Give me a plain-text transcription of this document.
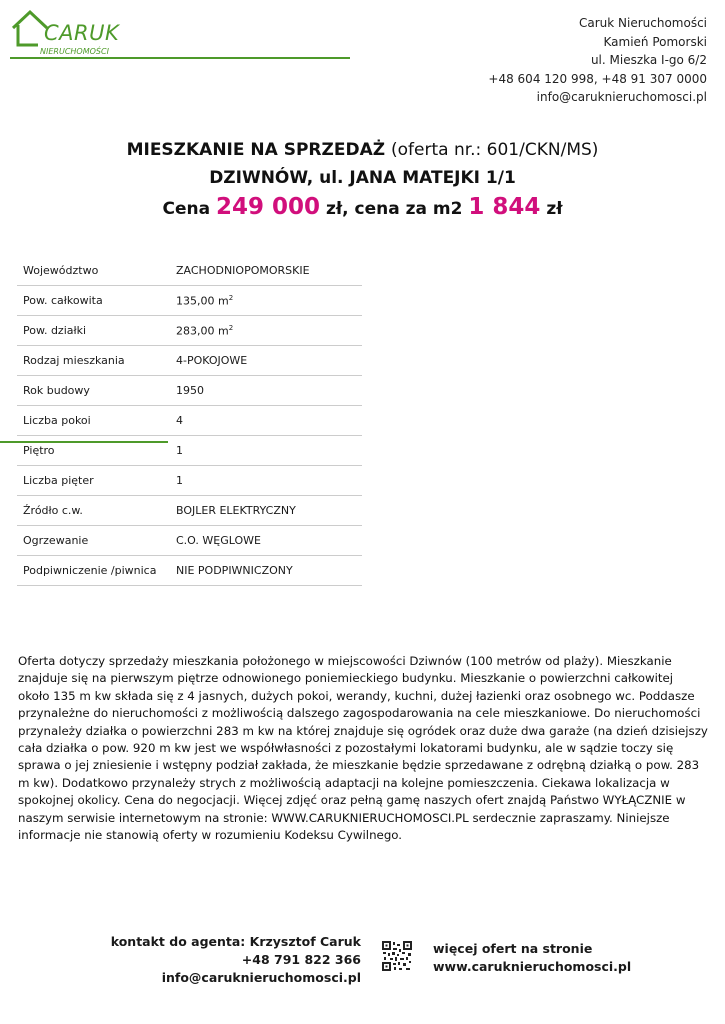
CARUK
NIERUCHOMOŚCI
Caruk Nieruchomości
Kamień Pomorski
ul. Mieszka I-go 6/2
+48 604 120 998, +48 91 307 0000
info@caruknieruchomosci.pl
MIESZKANIE NA SPRZEDAŻ (oferta nr.: 601/CKN/MS)
DZIWNÓW, ul. JANA MATEJKI 1/1
Cena 249 000 zł, cena za m2 1 844 zł
Województwo	ZACHODNIOPOMORSKIE
Pow. całkowita	135,00 $m^2$
Pow. działki	283,00 $m^2$
Rodzaj mieszkania	4-POKOJOWE
Rok budowy	1950
Liczba pokoi	4
Piętro	1
Liczba pięter	1
Źródło c.w.	BOJLER ELEKTRYCZNY
Ogrzewanie	C.O. WĘGLOWE
Podpiwniczenie /piwnica	NIE PODPIWNICZONY
Oferta dotyczy sprzedaży mieszkania położonego w miejscowości Dziwnów (100 metrów od plaży). Mieszkanie znajduje się na pierwszym piętrze odnowionego poniemieckiego budynku. Mieszkanie o powierzchni całkowitej około 135 m kw składa się z 4 jasnych, dużych pokoi, werandy, kuchni, dużej łazienki oraz osobnego wc. Poddasze przynależne do nieruchomości z możliwością dalszego zagospodarowania na cele mieszkaniowe. Do nieruchomości przynależy działka o powierzchni 283 m kw na której znajduje się ogródek oraz duże dwa garaże (na dzień dzisiejszy cała działka o pow. 920 m kw jest we współwłasności z pozostałymi lokatorami budynku, ale w sądzie toczy się sprawa o jej zniesienie i wstępny podział zakłada, że mieszkanie będzie sprzedawane z odrębną działką o pow. 283 m kw). Dodatkowo przynależy strych z możliwością adaptacji na kolejne pomieszczenia. Ciekawa lokalizacja w spokojnej okolicy. Cena do negocjacji. Więcej zdjęć oraz pełną gamę naszych ofert znajdą Państwo WYŁĄCZNIE w naszym serwisie internetowym na stronie: WWW.CARUKNIERUCHOMOSCI.PL serdecznie zapraszamy. Niniejsze informacje nie stanowią oferty w rozumieniu Kodeksu Cywilnego.
kontakt do agenta: Krzysztof Caruk
+48 791 822 366
info@caruknieruchomosci.pl
więcej ofert na stronie
www.caruknieruchomosci.pl
